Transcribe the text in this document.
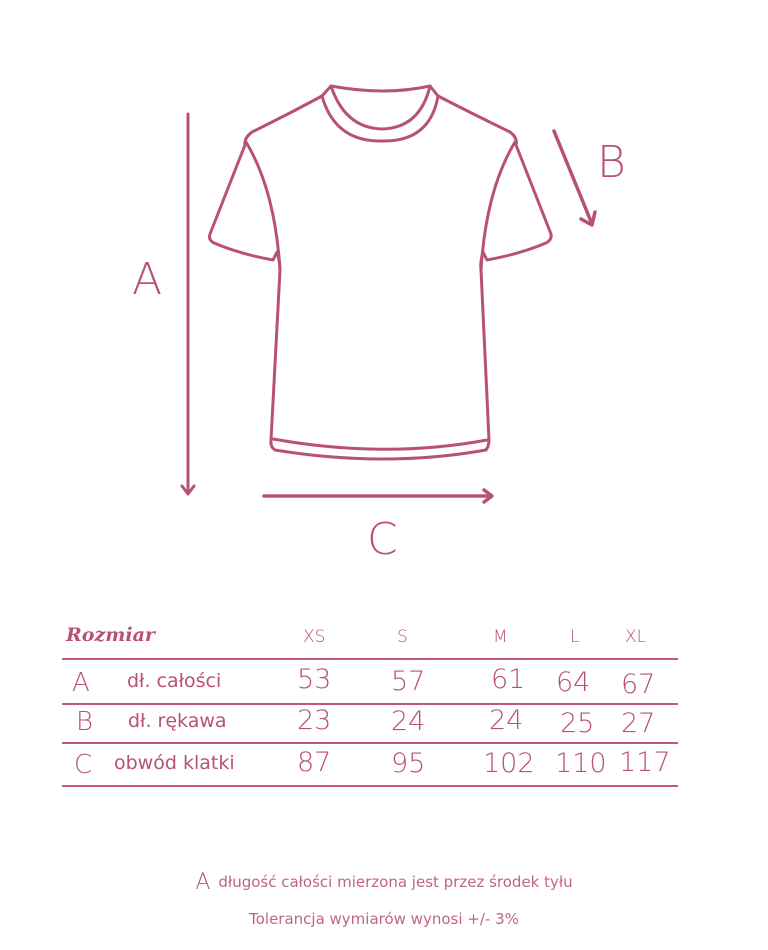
A
B
C
Rozmiar	XS	S	M	L	XL
A dł. całości	53 57 61 64 67
B dł. rękawa	23 24 24 25 27
C obwód klatki 87 95 102 110 117
A długość całości mierzona jest przez środek tyłu
Tolerancja wymiarów wynosi +/- 3%
